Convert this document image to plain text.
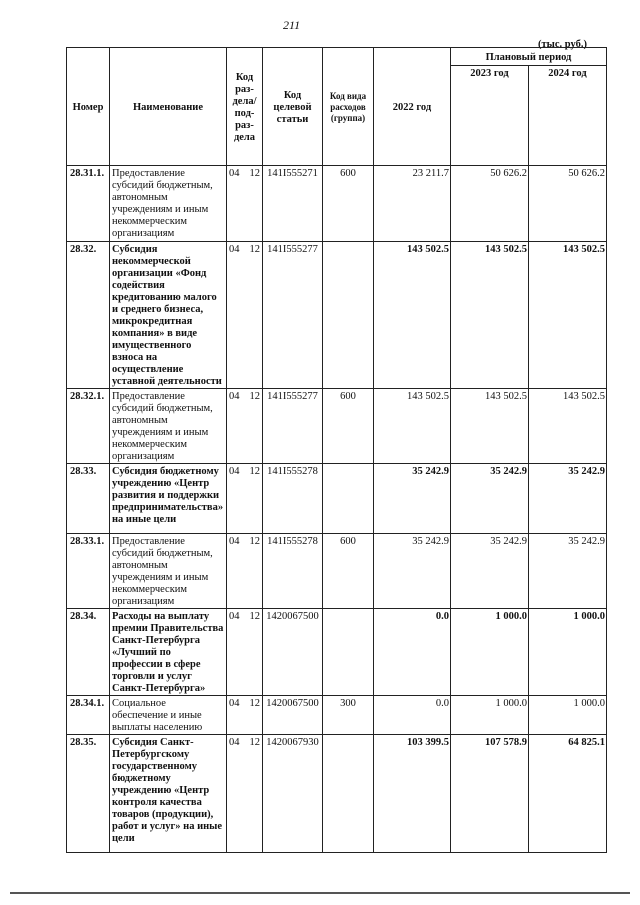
211
(тыс. руб.)
Номер	Наименование	Код раз- дела/ под- раз- дела	Код целевой статьи	Код вида расходов (группа)	2022 год	Плановый период	
						2023 год	2024 год
28.31.1.	Предоставление субсидий бюджетным, автономным учреждениям и иным некоммерческим организациям	04 12	141I555271	600	23 211.7	50 626.2	50 626.2
28.32.	Субсидия некоммерческой организации «Фонд содействия кредитованию малого и среднего бизнеса, микрокредитная компания» в виде имущественного взноса на осуществление уставной деятельности	04 12	141I555277		143 502.5	143 502.5	143 502.5
28.32.1.	Предоставление субсидий бюджетным, автономным учреждениям и иным некоммерческим организациям	04 12	141I555277	600	143 502.5	143 502.5	143 502.5
28.33.	Субсидия бюджетному учреждению «Центр развития и поддержки предпринимательства» на иные цели	04 12	141I555278		35 242.9	35 242.9	35 242.9
28.33.1.	Предоставление субсидий бюджетным, автономным учреждениям и иным некоммерческим организациям	04 12	141I555278	600	35 242.9	35 242.9	35 242.9
28.34.	Расходы на выплату премии Правительства Санкт-Петербурга «Лучший по профессии в сфере торговли и услуг Санкт-Петербурга»	04 12	1420067500		0.0	1 000.0	1 000.0
28.34.1.	Социальное обеспечение и иные выплаты населению	04 12	1420067500	300	0.0	1 000.0	1 000.0
28.35.	Субсидия Санкт-Петербургскому государственному бюджетному учреждению «Центр контроля качества товаров (продукции), работ и услуг» на иные цели	04 12	1420067930		103 399.5	107 578.9	64 825.1
